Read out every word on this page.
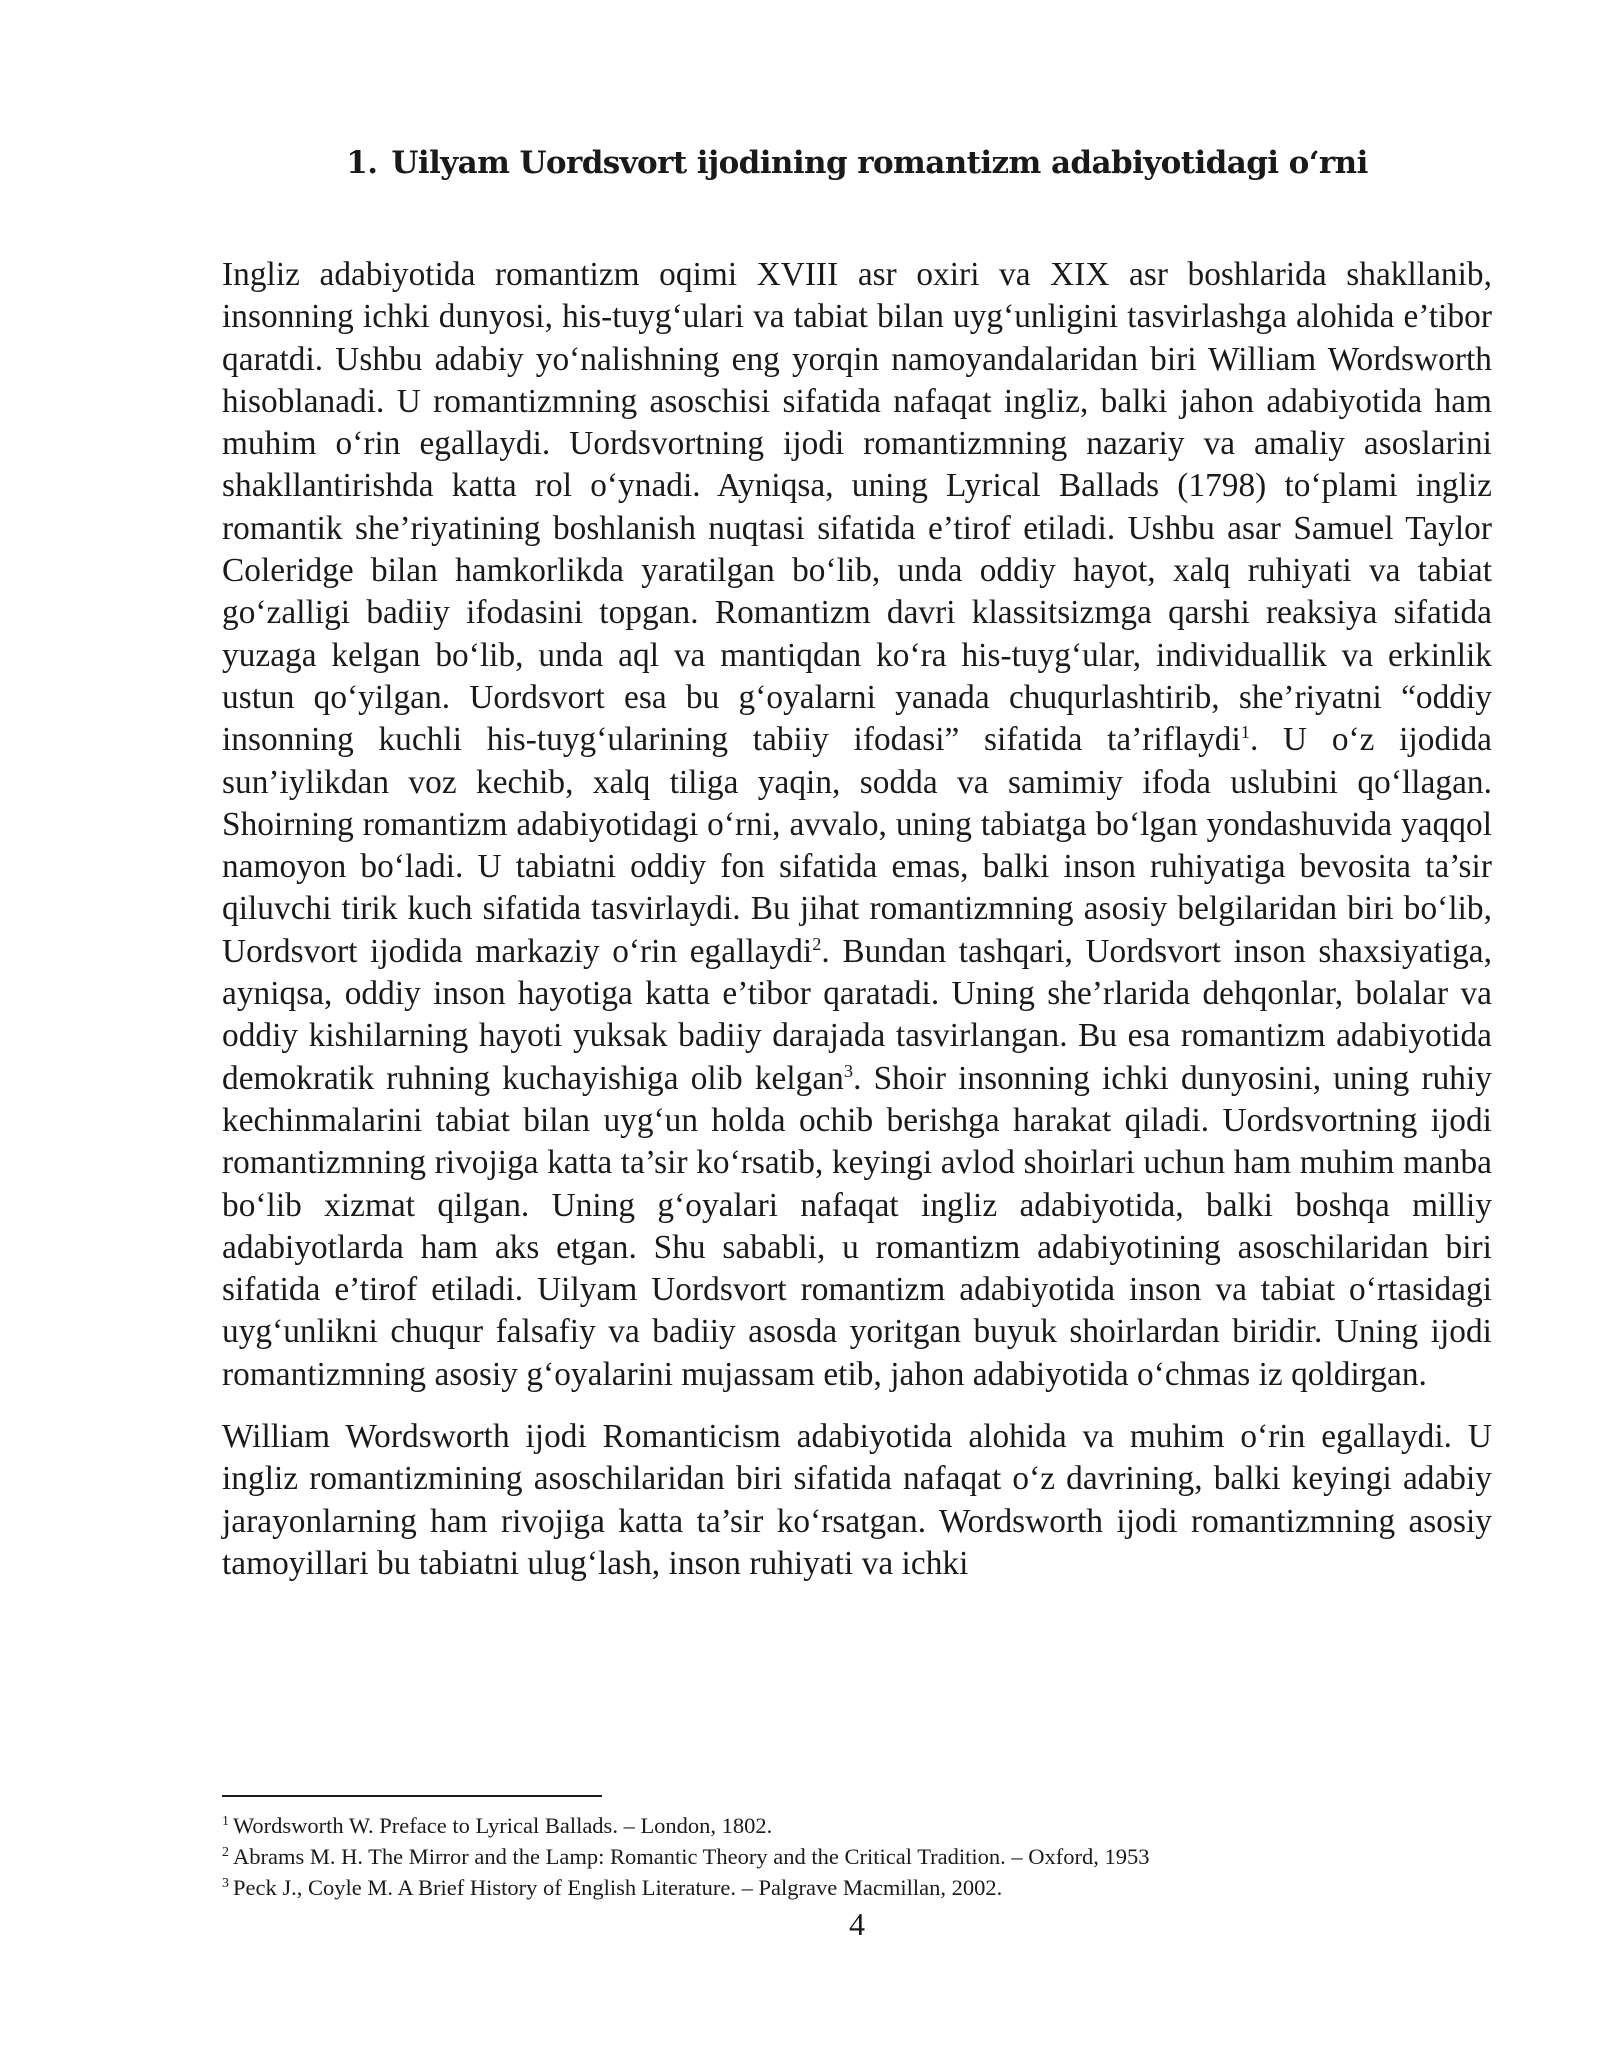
1. Uilyam Uordsvort ijodining romantizm adabiyotidagi o‘rni

Ingliz adabiyotida romantizm oqimi XVIII asr oxiri va XIX asr boshlarida shakllanib, insonning ichki dunyosi, his-tuyg‘ulari va tabiat bilan uyg‘unligini tasvirlashga alohida e’tibor qaratdi. Ushbu adabiy yo‘nalishning eng yorqin namoyandalaridan biri William Wordsworth hisoblanadi. U romantizmning asoschisi sifatida nafaqat ingliz, balki jahon adabiyotida ham muhim o‘rin egallaydi. Uordsvortning ijodi romantizmning nazariy va amaliy asoslarini shakllantirishda katta rol o‘ynadi. Ayniqsa, uning Lyrical Ballads (1798) to‘plami ingliz romantik she’riyatining boshlanish nuqtasi sifatida e’tirof etiladi. Ushbu asar Samuel Taylor Coleridge bilan hamkorlikda yaratilgan bo‘lib, unda oddiy hayot, xalq ruhiyati va tabiat go‘zalligi badiiy ifodasini topgan. Romantizm davri klassitsizmga qarshi reaksiya sifatida yuzaga kelgan bo‘lib, unda aql va mantiqdan ko‘ra his-tuyg‘ular, individuallik va erkinlik ustun qo‘yilgan. Uordsvort esa bu g‘oyalarni yanada chuqurlashtirib, she’riyatni “oddiy insonning kuchli his-tuyg‘ularining tabiiy ifodasi” sifatida ta’riflaydi$^1$. U o‘z ijodida sun’iylikdan voz kechib, xalq tiliga yaqin, sodda va samimiy ifoda uslubini qo‘llagan. Shoirning romantizm adabiyotidagi o‘rni, avvalo, uning tabiatga bo‘lgan yondashuvida yaqqol namoyon bo‘ladi. U tabiatni oddiy fon sifatida emas, balki inson ruhiyatiga bevosita ta’sir qiluvchi tirik kuch sifatida tasvirlaydi. Bu jihat romantizmning asosiy belgilaridan biri bo‘lib, Uordsvort ijodida markaziy o‘rin egallaydi$^2$. Bundan tashqari, Uordsvort inson shaxsiyatiga, ayniqsa, oddiy inson hayotiga katta e’tibor qaratadi. Uning she’rlarida dehqonlar, bolalar va oddiy kishilarning hayoti yuksak badiiy darajada tasvirlangan. Bu esa romantizm adabiyotida demokratik ruhning kuchayishiga olib kelgan$^3$. Shoir insonning ichki dunyosini, uning ruhiy kechinmalarini tabiat bilan uyg‘un holda ochib berishga harakat qiladi. Uordsvortning ijodi romantizmning rivojiga katta ta’sir ko‘rsatib, keyingi avlod shoirlari uchun ham muhim manba bo‘lib xizmat qilgan. Uning g‘oyalari nafaqat ingliz adabiyotida, balki boshqa milliy adabiyotlarda ham aks etgan. Shu sababli, u romantizm adabiyotining asoschilaridan biri sifatida e’tirof etiladi. Uilyam Uordsvort romantizm adabiyotida inson va tabiat o‘rtasidagi uyg‘unlikni chuqur falsafiy va badiiy asosda yoritgan buyuk shoirlardan biridir. Uning ijodi romantizmning asosiy g‘oyalarini mujassam etib, jahon adabiyotida o‘chmas iz qoldirgan.

William Wordsworth ijodi Romanticism adabiyotida alohida va muhim o‘rin egallaydi. U ingliz romantizmining asoschilaridan biri sifatida nafaqat o‘z davrining, balki keyingi adabiy jarayonlarning ham rivojiga katta ta’sir ko‘rsatgan. Wordsworth ijodi romantizmning asosiy tamoyillari bu tabiatni ulug‘lash, inson ruhiyati va ichki

$^1$ Wordsworth W. Preface to Lyrical Ballads. – London, 1802.
$^2$ Abrams M. H. The Mirror and the Lamp: Romantic Theory and the Critical Tradition. – Oxford, 1953
$^3$ Peck J., Coyle M. A Brief History of English Literature. – Palgrave Macmillan, 2002.
4
